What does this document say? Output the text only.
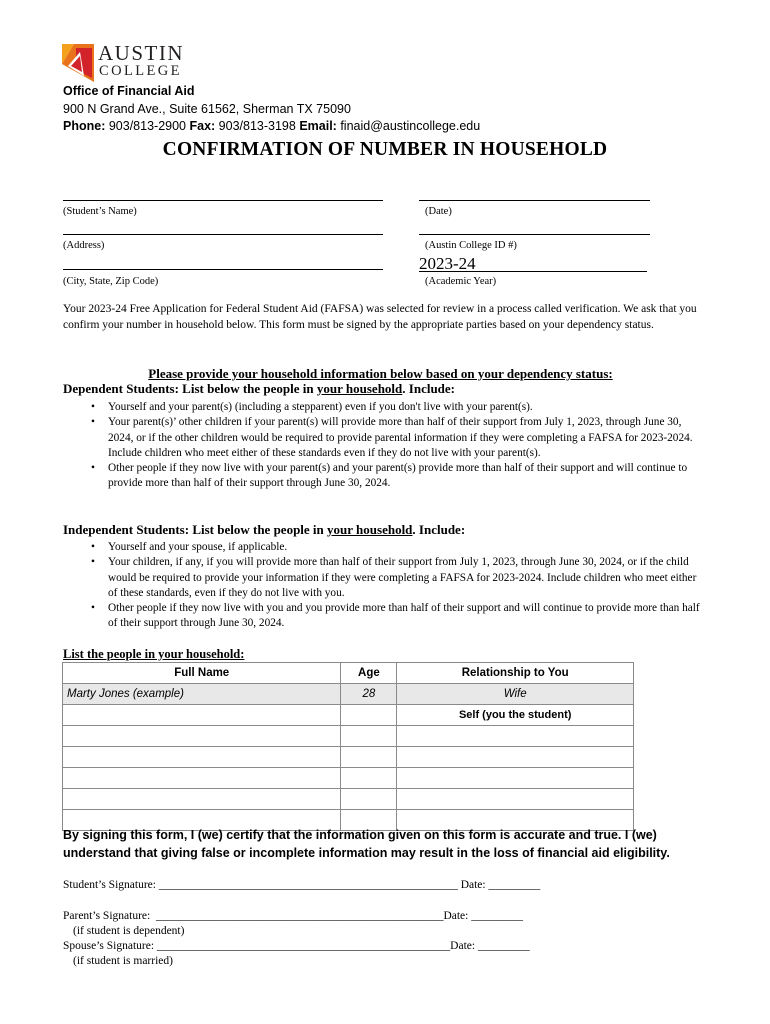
AUSTIN
COLLEGE
Office of Financial Aid
900 N Grand Ave., Suite 61562, Sherman TX 75090
Phone: 903/813-2900 Fax: 903/813-3198 Email: finaid@austincollege.edu
CONFIRMATION OF NUMBER IN HOUSEHOLD
(Student’s Name)	(Date)
(Address)	(Austin College ID #)
(City, State, Zip Code)
2023-24
(Academic Year)
Your 2023-24 Free Application for Federal Student Aid (FAFSA) was selected for review in a process called verification. We ask that you confirm your number in household below. This form must be signed by the appropriate parties based on your dependency status.
Please provide your household information below based on your dependency status:
Dependent Students: List below the people in your household. Include:
• Yourself and your parent(s) (including a stepparent) even if you don't live with your parent(s).
• Your parent(s)’ other children if your parent(s) will provide more than half of their support from July 1, 2023, through June 30, 2024, or if the other children would be required to provide parental information if they were completing a FAFSA for 2023-2024. Include children who meet either of these standards even if they do not live with your parent(s).
• Other people if they now live with your parent(s) and your parent(s) provide more than half of their support and will continue to provide more than half of their support through June 30, 2024.
Independent Students: List below the people in your household. Include:
• Yourself and your spouse, if applicable.
• Your children, if any, if you will provide more than half of their support from July 1, 2023, through June 30, 2024, or if the child would be required to provide your information if they were completing a FAFSA for 2023-2024. Include children who meet either of these standards, even if they do not live with you.
• Other people if they now live with you and you provide more than half of their support and will continue to provide more than half of their support through June 30, 2024.
List the people in your household:
Full Name	Age	Relationship to You
Marty Jones (example)	28	Wife
		Self (you the student)

By signing this form, I (we) certify that the information given on this form is accurate and true. I (we) understand that giving false or incomplete information may result in the loss of financial aid eligibility.
Student’s Signature: ____________________________________________________ Date: _________
Parent’s Signature:  __________________________________________________Date: _________
(if student is dependent)
Spouse’s Signature: ___________________________________________________Date: _________
(if student is married)
